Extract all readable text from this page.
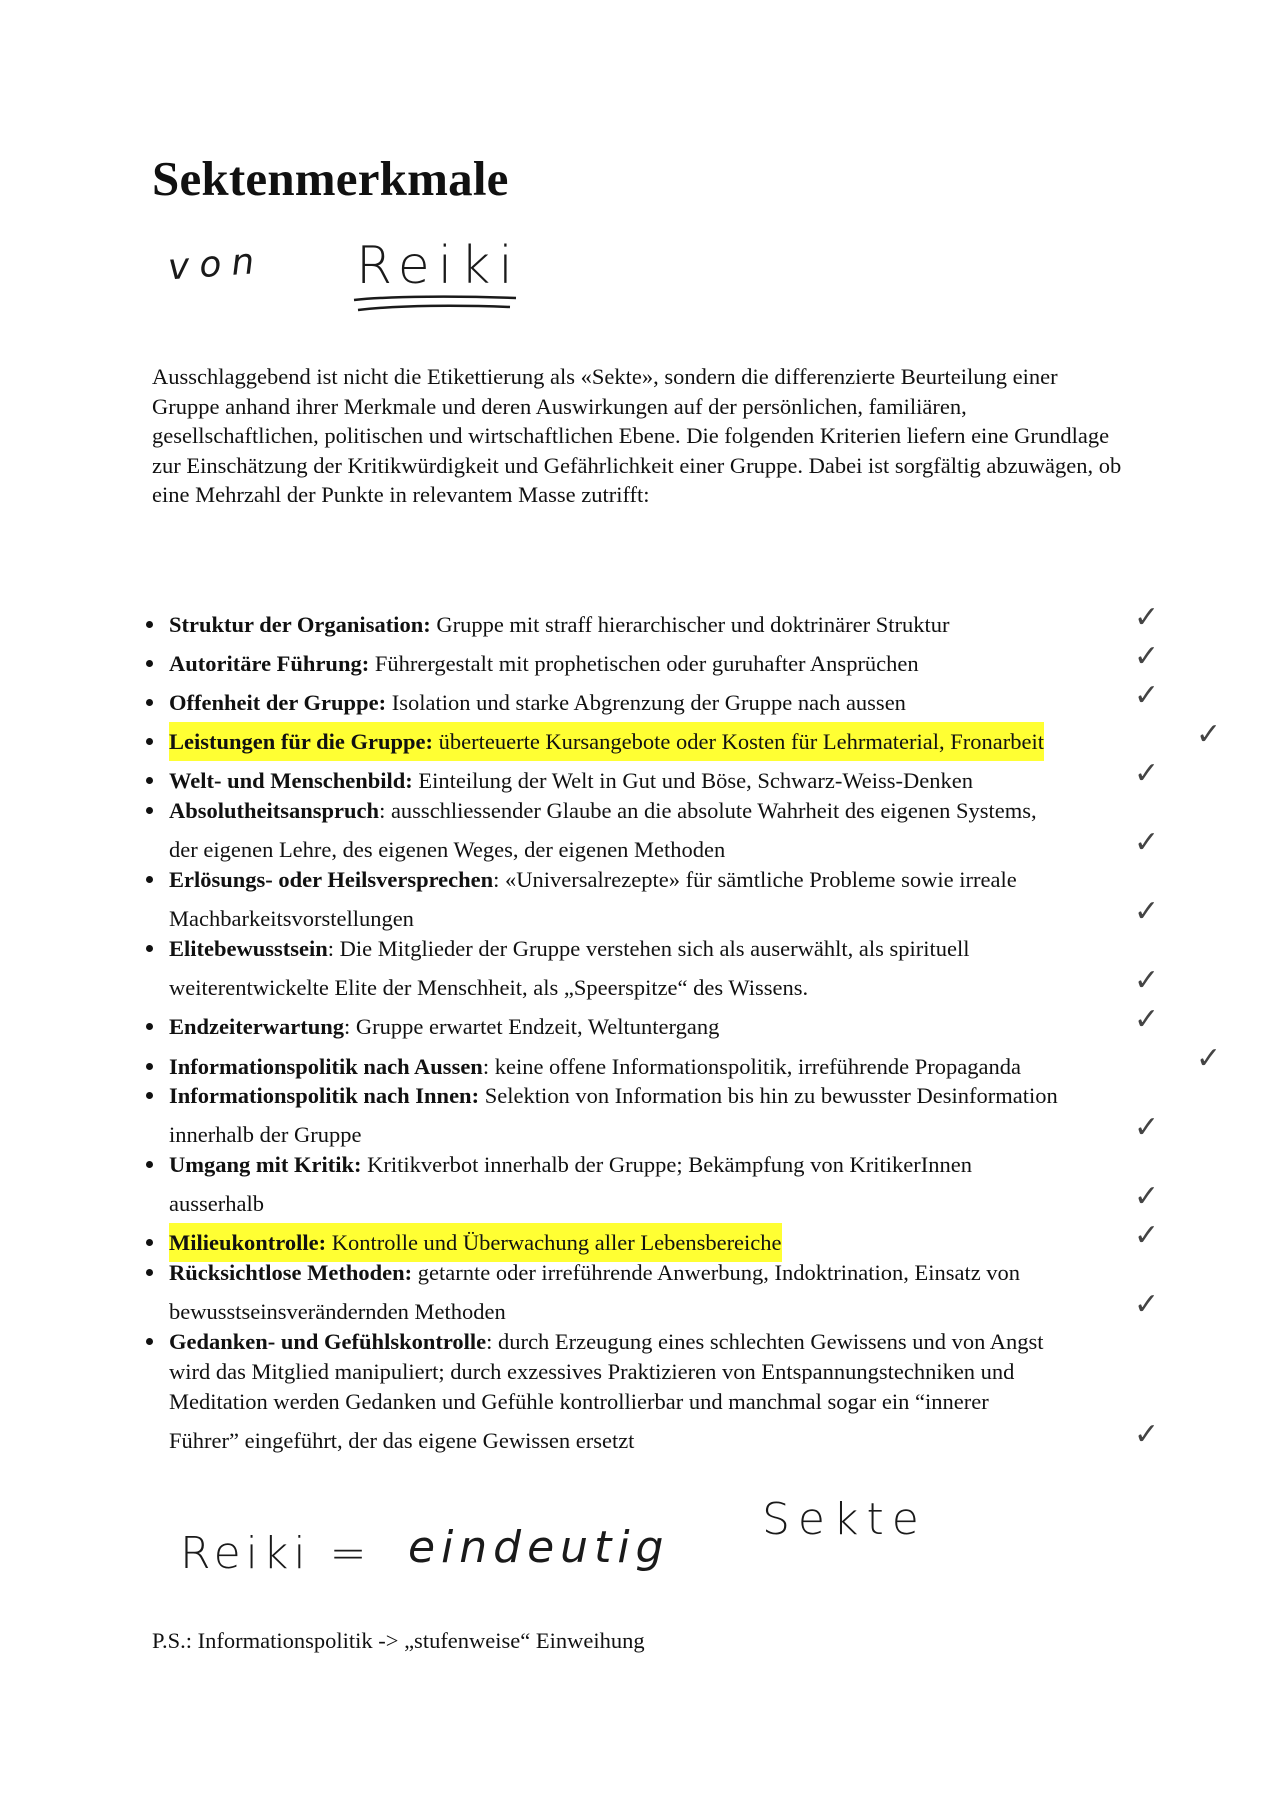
Sektenmerkmale
von Reiki

Ausschlaggebend ist nicht die Etikettierung als «Sekte», sondern die differenzierte Beurteilung einer Gruppe anhand ihrer Merkmale und deren Auswirkungen auf der persönlichen, familiären, gesellschaftlichen, politischen und wirtschaftlichen Ebene. Die folgenden Kriterien liefern eine Grundlage zur Einschätzung der Kritikwürdigkeit und Gefährlichkeit einer Gruppe. Dabei ist sorgfältig abzuwägen, ob eine Mehrzahl der Punkte in relevantem Masse zutrifft:

Struktur der Organisation: Gruppe mit straff hierarchischer und doktrinärer Struktur
Autoritäre Führung: Führergestalt mit prophetischen oder guruhafter Ansprüchen
Offenheit der Gruppe: Isolation und starke Abgrenzung der Gruppe nach aussen
Leistungen für die Gruppe: überteuerte Kursangebote oder Kosten für Lehrmaterial, Fronarbeit
Welt- und Menschenbild: Einteilung der Welt in Gut und Böse, Schwarz-Weiss-Denken
Absolutheitsanspruch: ausschliessender Glaube an die absolute Wahrheit des eigenen Systems,
der eigenen Lehre, des eigenen Weges, der eigenen Methoden
Erlösungs- oder Heilsversprechen: «Universalrezepte» für sämtliche Probleme sowie irreale
Machbarkeitsvorstellungen
Elitebewusstsein: Die Mitglieder der Gruppe verstehen sich als auserwählt, als spirituell
weiterentwickelte Elite der Menschheit, als „Speerspitze“ des Wissens.
Endzeiterwartung: Gruppe erwartet Endzeit, Weltuntergang
Informationspolitik nach Aussen: keine offene Informationspolitik, irreführende Propaganda
Informationspolitik nach Innen: Selektion von Information bis hin zu bewusster Desinformation
innerhalb der Gruppe
Umgang mit Kritik: Kritikverbot innerhalb der Gruppe; Bekämpfung von KritikerInnen
ausserhalb
Milieukontrolle: Kontrolle und Überwachung aller Lebensbereiche
Rücksichtlose Methoden: getarnte oder irreführende Anwerbung, Indoktrination, Einsatz von
bewusstseinsverändernden Methoden
Gedanken- und Gefühlskontrolle: durch Erzeugung eines schlechten Gewissens und von Angst
wird das Mitglied manipuliert; durch exzessives Praktizieren von Entspannungstechniken und
Meditation werden Gedanken und Gefühle kontrollierbar und manchmal sogar ein “innerer
Führer” eingeführt, der das eigene Gewissen ersetzt
✓
✓
✓
✓
✓
✓
✓
✓
✓
✓
✓
✓
✓
✓
✓
Reiki = eindeutig
Sekte

P.S.: Informationspolitik -> „stufenweise“ Einweihung
